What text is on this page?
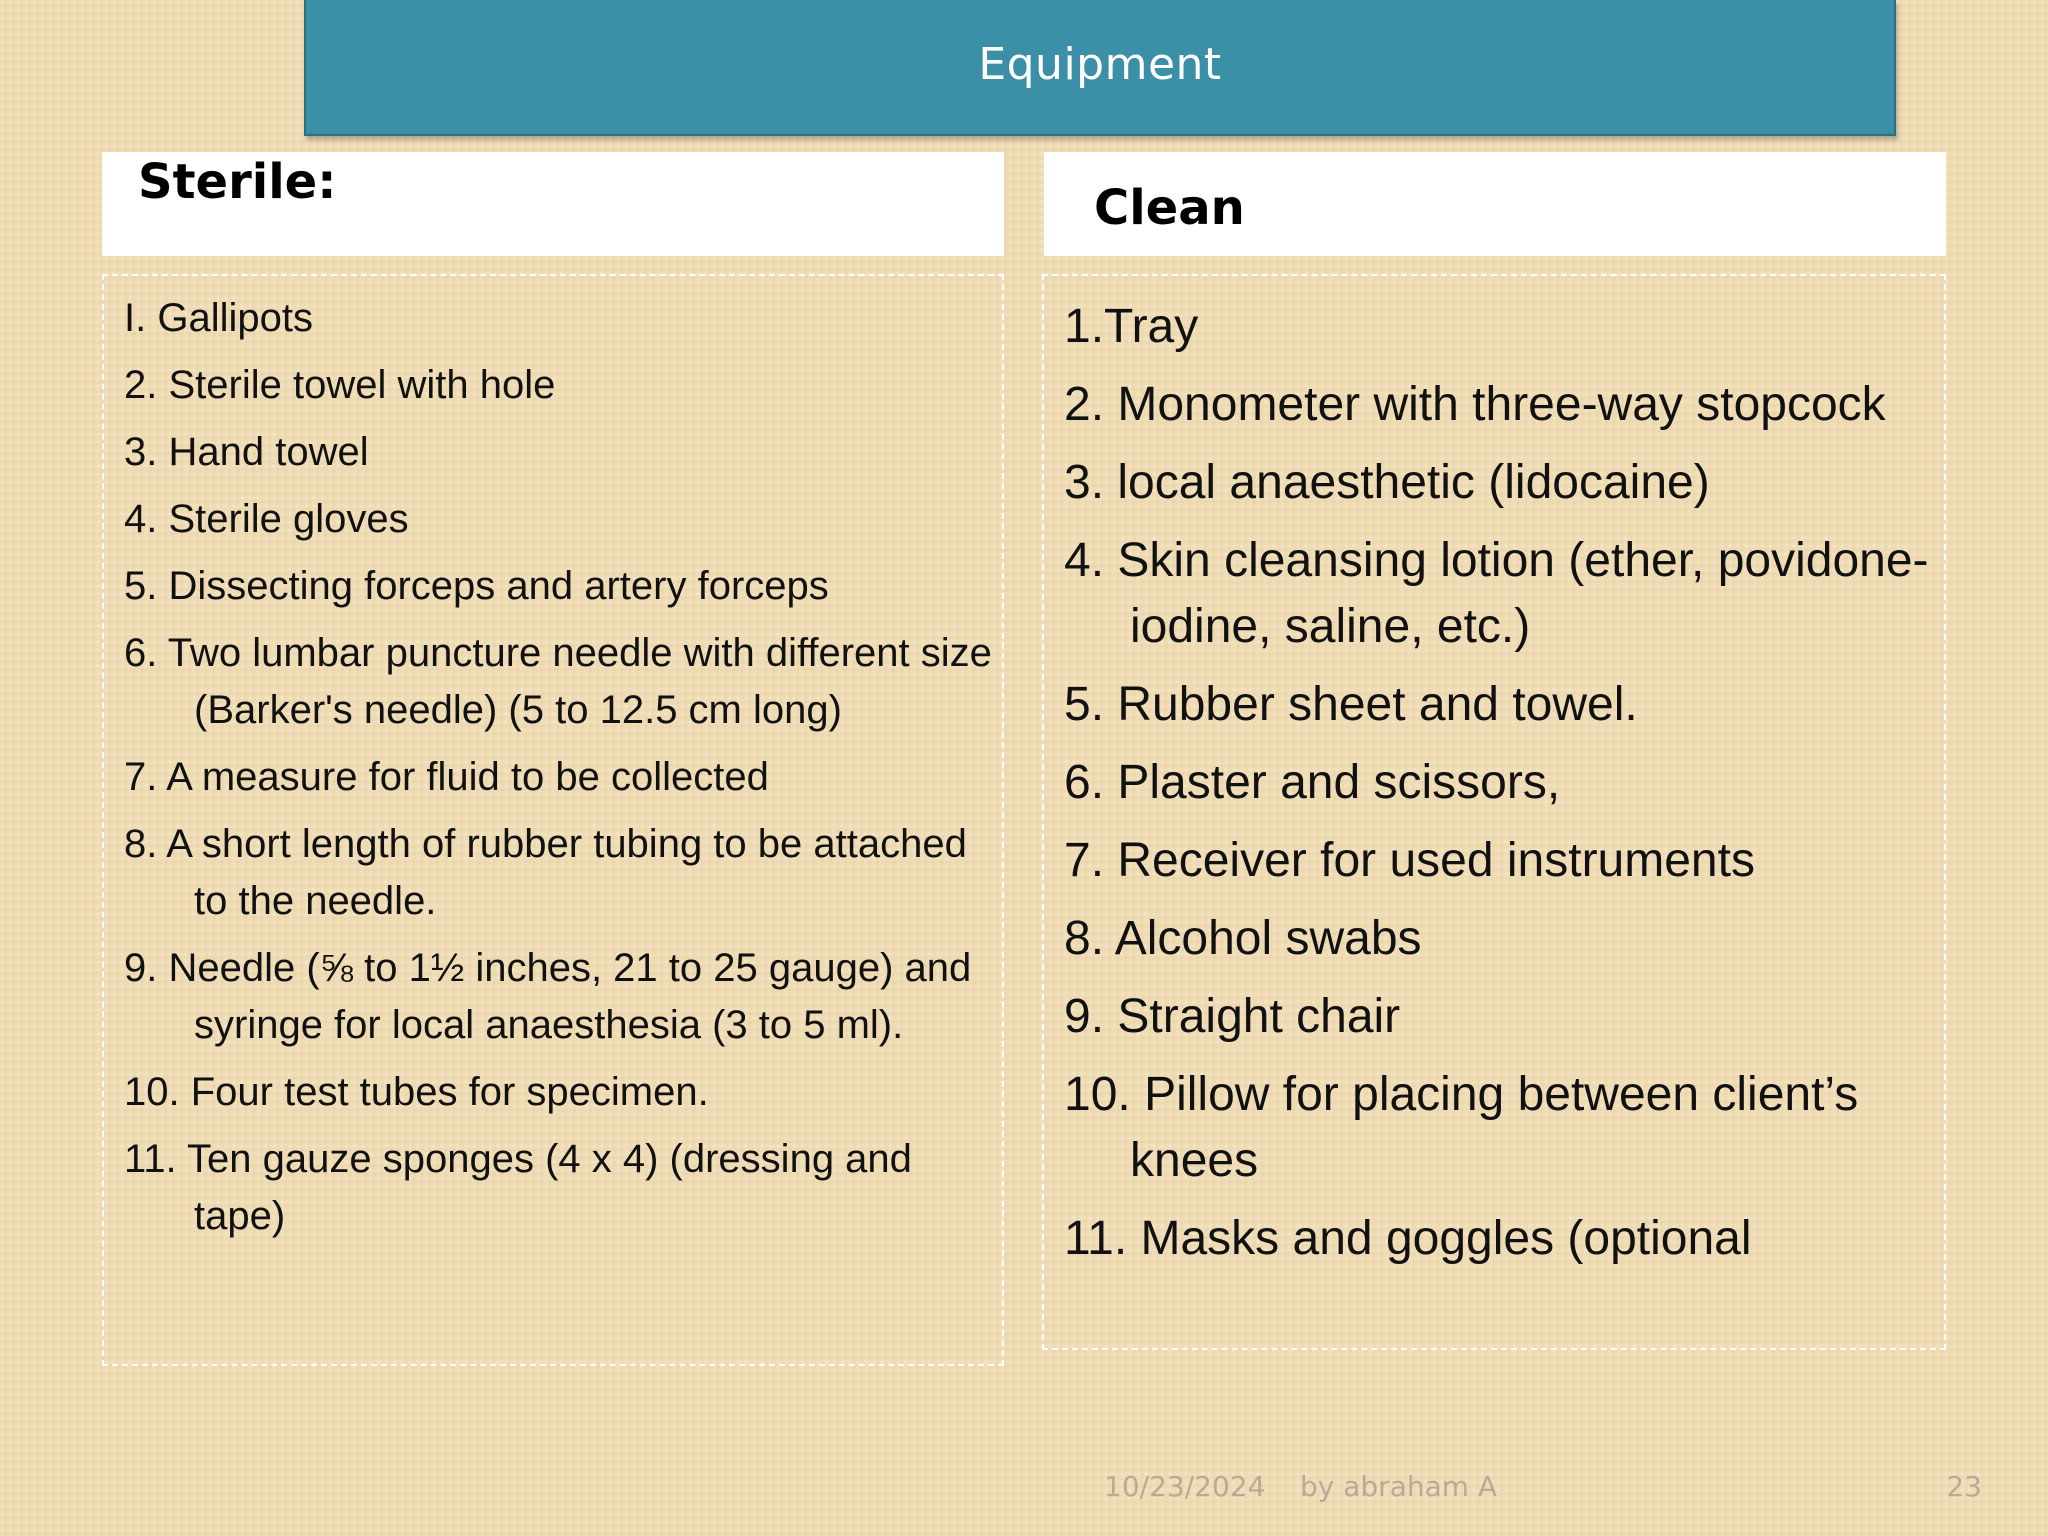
Equipment
Sterile:	Clean
I. Gallipots
2. Sterile towel with hole
3. Hand towel
4. Sterile gloves
5. Dissecting forceps and artery forceps
6. Two lumbar puncture needle with different size (Barker's needle) (5 to 12.5 cm long)
7. A measure for fluid to be collected
8. A short length of rubber tubing to be attached to the needle.
9. Needle (⅝ to 1½ inches, 21 to 25 gauge) and syringe for local anaesthesia (3 to 5 ml).
10. Four test tubes for specimen.
11. Ten gauze sponges (4 x 4) (dressing and tape)
1.Tray
2. Monometer with three-way stopcock
3. local anaesthetic (lidocaine)
4. Skin cleansing lotion (ether, povidone-iodine, saline, etc.)
5. Rubber sheet and towel.
6. Plaster and scissors,
7. Receiver for used instruments
8. Alcohol swabs
9. Straight chair
10. Pillow for placing between client’s knees
11. Masks and goggles (optional
10/23/2024 by abraham A	23
